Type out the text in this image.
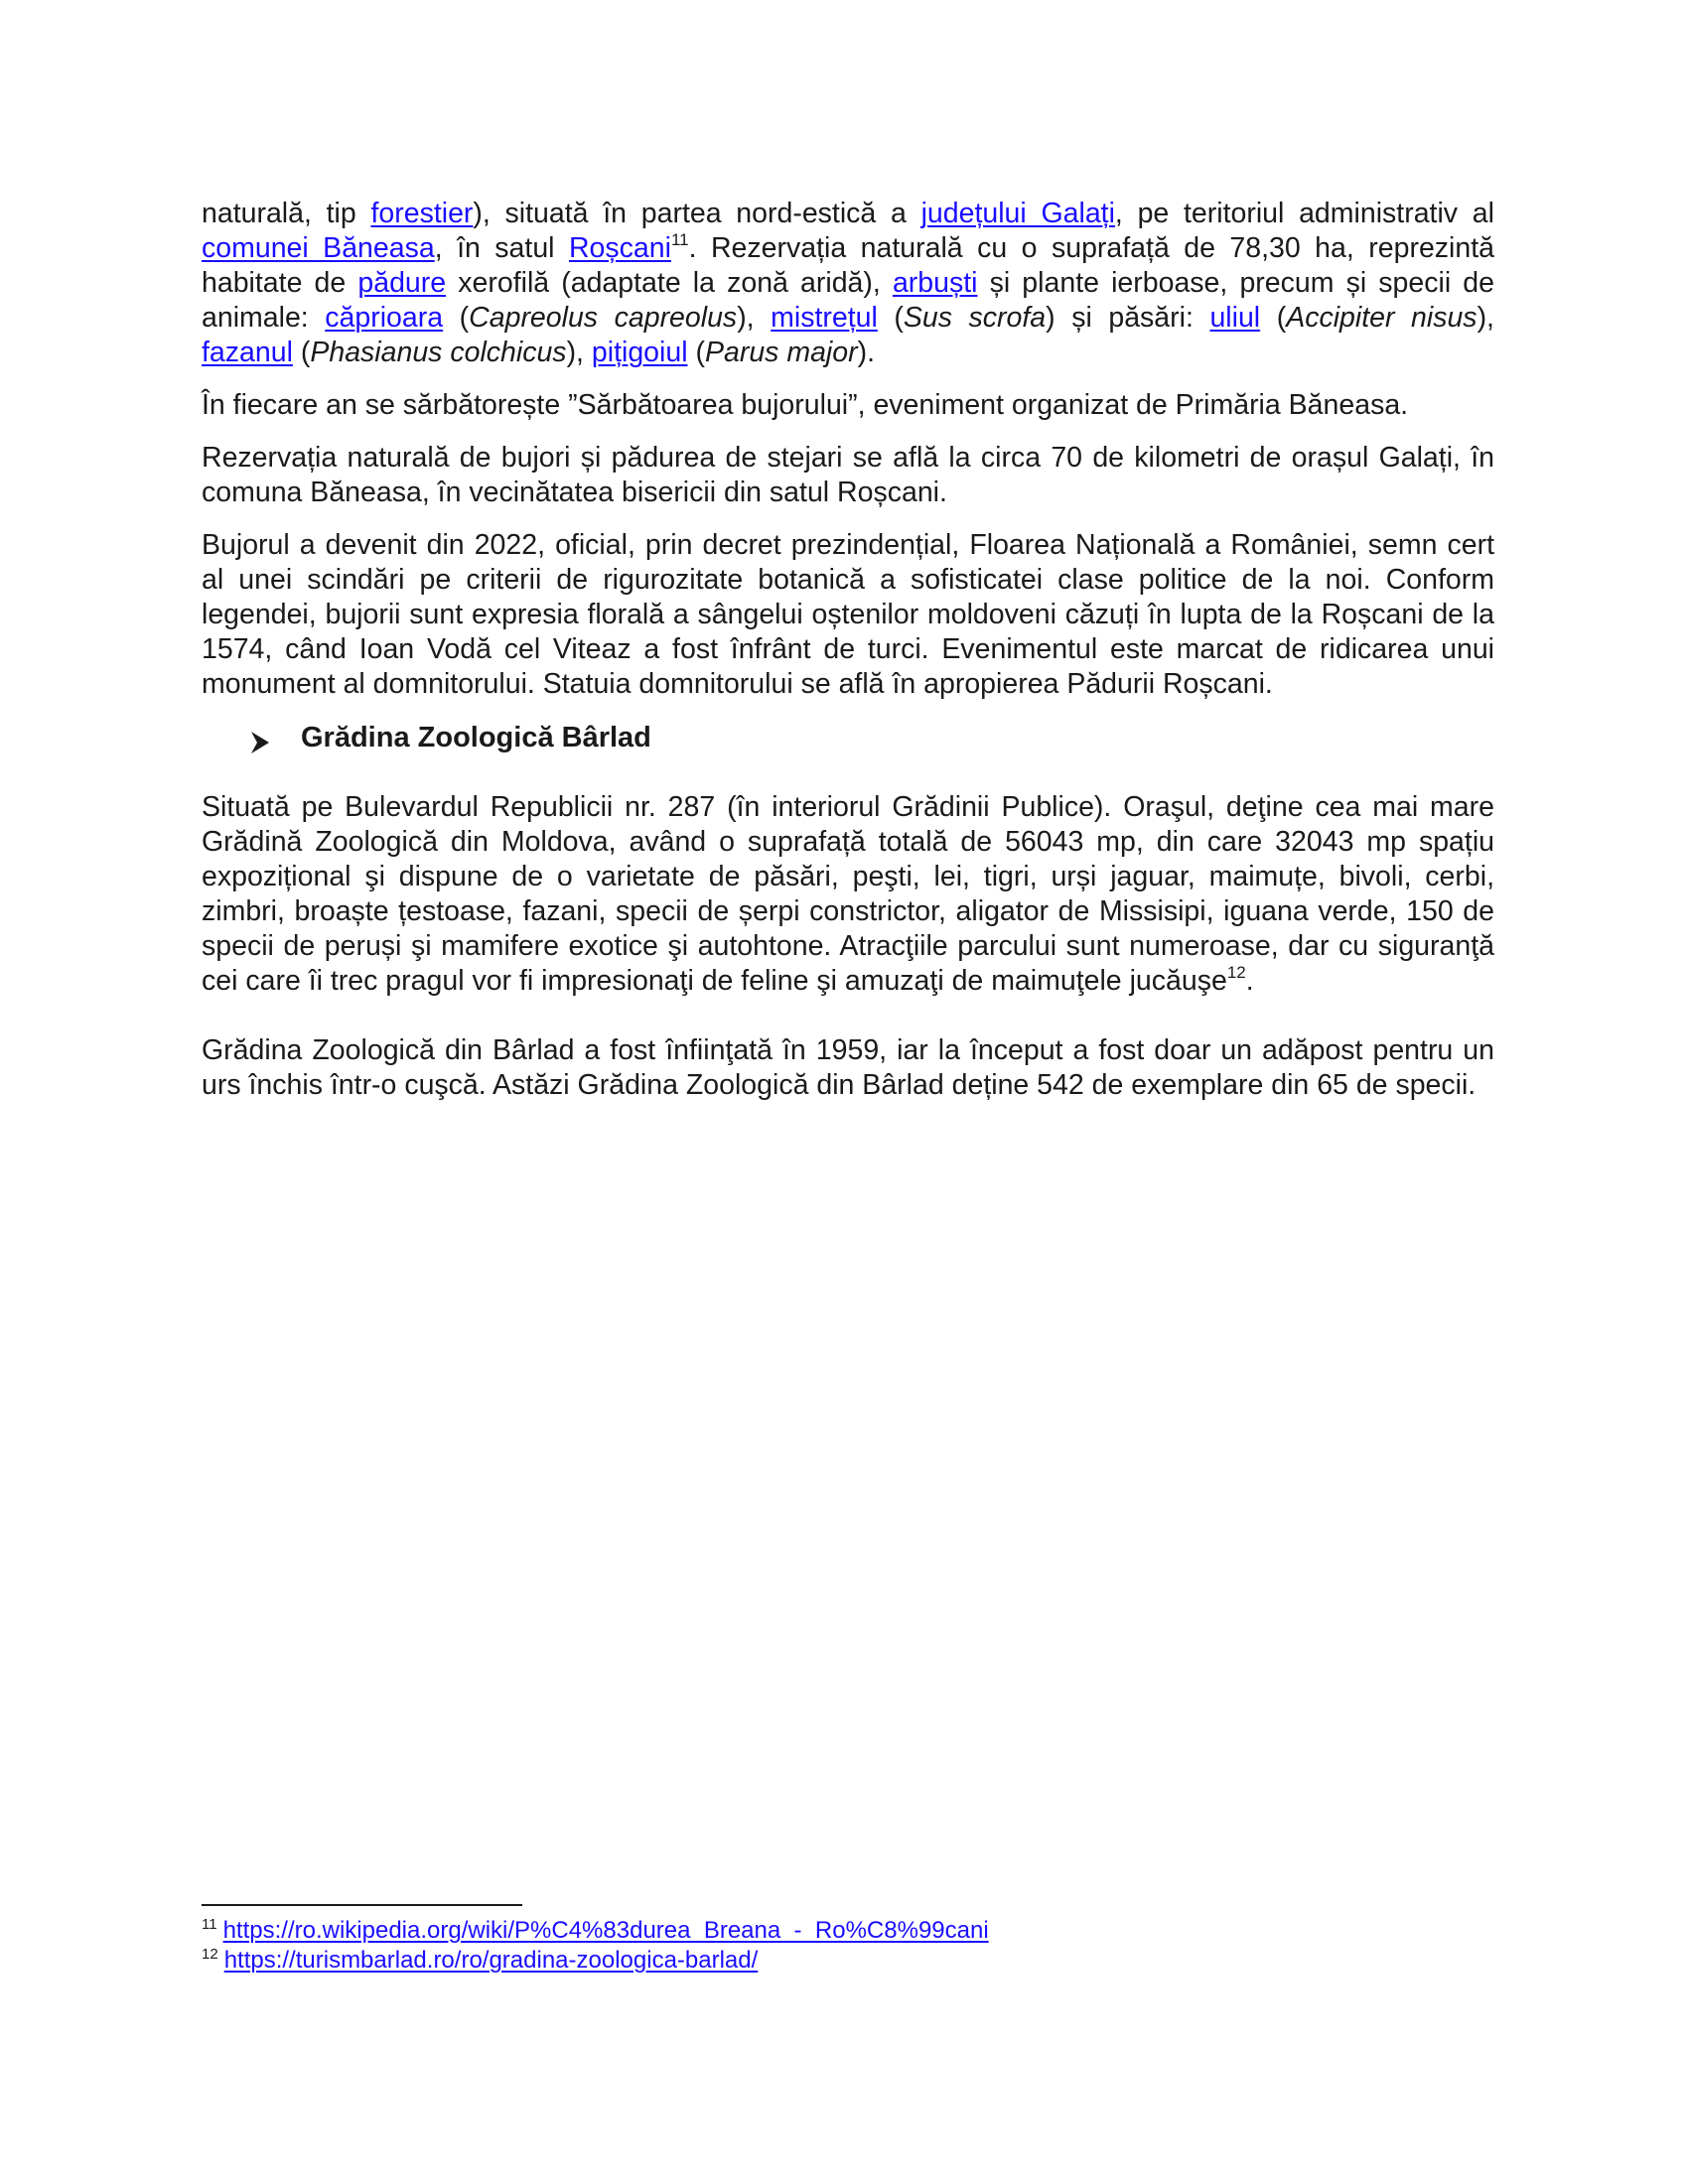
naturală, tip forestier), situată în partea nord-estică a județului Galați, pe teritoriul administrativ al comunei Băneasa, în satul Roșcani$^{11}$. Rezervația naturală cu o suprafață de 78,30 ha, reprezintă habitate de pădure xerofilă (adaptate la zonă aridă), arbuști și plante ierboase, precum și specii de animale: căprioara (Capreolus capreolus), mistrețul (Sus scrofa) și păsări: uliul (Accipiter nisus), fazanul (Phasianus colchicus), pițigoiul (Parus major).

În fiecare an se sărbătorește ”Sărbătoarea bujorului”, eveniment organizat de Primăria Băneasa.

Rezervația naturală de bujori și pădurea de stejari se află la circa 70 de kilometri de orașul Galați, în comuna Băneasa, în vecinătatea bisericii din satul Roșcani.

Bujorul a devenit din 2022, oficial, prin decret prezindențial, Floarea Națională a României, semn cert al unei scindări pe criterii de rigurozitate botanică a sofisticatei clase politice de la noi. Conform legendei, bujorii sunt expresia florală a sângelui oștenilor moldoveni căzuți în lupta de la Roșcani de la 1574, când Ioan Vodă cel Viteaz a fost înfrânt de turci. Evenimentul este marcat de ridicarea unui monument al domnitorului. Statuia domnitorului se află în apropierea Pădurii Roșcani.

Grădina Zoologică Bârlad

Situată pe Bulevardul Republicii nr. 287 (în interiorul Grădinii Publice). Oraşul, deţine cea mai mare Grădină Zoologică din Moldova, având o suprafață totală de 56043 mp, din care 32043 mp spațiu expozițional şi dispune de o varietate de păsări, peşti, lei, tigri, urși jaguar, maimuțe, bivoli, cerbi, zimbri, broaște țestoase, fazani, specii de șerpi constrictor, aligator de Missisipi, iguana verde, 150 de specii de peruși şi mamifere exotice şi autohtone. Atracţiile parcului sunt numeroase, dar cu siguranţă cei care îi trec pragul vor fi impresionaţi de feline şi amuzaţi de maimuţele jucăuşe$^{12}$.

Grădina Zoologică din Bârlad a fost înfiinţată în 1959, iar la început a fost doar un adăpost pentru un urs închis într-o cuşcă. Astăzi Grădina Zoologică din Bârlad deține 542 de exemplare din 65 de specii.

$^{11}$ https://ro.wikipedia.org/wiki/P%C4%83durea_Breana_-_Ro%C8%99cani
$^{12}$ https://turismbarlad.ro/ro/gradina-zoologica-barlad/
